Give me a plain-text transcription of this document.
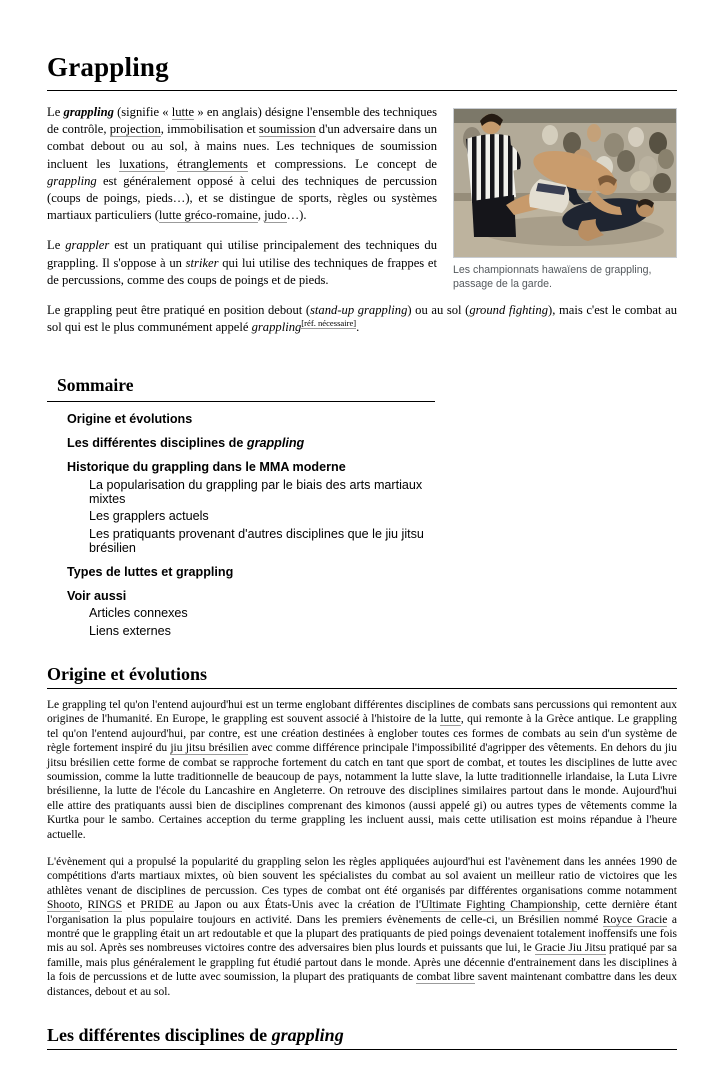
Grappling
Les championnats hawaïens de grappling, passage de la garde.

Le grappling (signifie « lutte » en anglais) désigne l'ensemble des techniques de contrôle, projection, immobilisation et soumission d'un adversaire dans un combat debout ou au sol, à mains nues. Les techniques de soumission incluent les luxations, étranglements et compressions. Le concept de grappling est généralement opposé à celui des techniques de percussion (coups de poings, pieds…), et se distingue de sports, règles ou systèmes martiaux particuliers (lutte gréco-romaine, judo…).

Le grappler est un pratiquant qui utilise principalement des techniques du grappling. Il s'oppose à un striker qui lui utilise des techniques de frappes et de percussions, comme des coups de poings et de pieds.

Le grappling peut être pratiqué en position debout (stand-up grappling) ou au sol (ground fighting), mais c'est le combat au sol qui est le plus communément appelé grappling[réf. nécessaire].

Sommaire
Origine et évolutions
Les différentes disciplines de grappling
Historique du grappling dans le MMA moderne
La popularisation du grappling par le biais des arts martiaux mixtes
Les grapplers actuels
Les pratiquants provenant d'autres disciplines que le jiu jitsu brésilien
Types de luttes et grappling
Voir aussi
Articles connexes
Liens externes
Origine et évolutions

Le grappling tel qu'on l'entend aujourd'hui est un terme englobant différentes disciplines de combats sans percussions qui remontent aux origines de l'humanité. En Europe, le grappling est souvent associé à l'histoire de la lutte, qui remonte à la Grèce antique. Le grappling tel qu'on l'entend aujourd'hui, par contre, est une création destinées à englober toutes ces formes de combats au sein d'un système de règle fortement inspiré du jiu jitsu brésilien avec comme différence principale l'impossibilité d'agripper des vêtements. En dehors du jiu jitsu brésilien cette forme de combat se rapproche fortement du catch en tant que sport de combat, et toutes les disciplines de lutte avec soumission, comme la lutte traditionnelle de beaucoup de pays, notamment la lutte slave, la lutte traditionnelle irlandaise, la Luta Livre brésilienne, la lutte de l'école du Lancashire en Angleterre. On retrouve des disciplines similaires partout dans le monde. Aujourd'hui elle attire des pratiquants aussi bien de disciplines comprenant des kimonos (aussi appelé gi) ou autres types de vêtements comme la Kurtka pour le sambo. Certaines acception du terme grappling les incluent aussi, mais cette utilisation est moins répandue à l'heure actuelle.

L'évènement qui a propulsé la popularité du grappling selon les règles appliquées aujourd'hui est l'avènement dans les années 1990 de compétitions d'arts martiaux mixtes, où bien souvent les spécialistes du combat au sol avaient un meilleur ratio de victoires que les athlètes venant de disciplines de percussion. Ces types de combat ont été organisés par différentes organisations comme notamment Shooto, RINGS et PRIDE au Japon ou aux États-Unis avec la création de l'Ultimate Fighting Championship, cette dernière étant l'organisation la plus populaire toujours en activité. Dans les premiers évènements de celle-ci, un Brésilien nommé Royce Gracie a montré que le grappling était un art redoutable et que la plupart des pratiquants de pied poings devenaient totalement inoffensifs une fois mis au sol. Après ses nombreuses victoires contre des adversaires bien plus lourds et puissants que lui, le Gracie Jiu Jitsu pratiqué par sa famille, mais plus généralement le grappling fut étudié partout dans le monde. Après une décennie d'entrainement dans les disciplines à la fois de percussions et de lutte avec soumission, la plupart des pratiquants de combat libre savent maintenant combattre dans les deux distances, debout et au sol.

Les différentes disciplines de grappling
